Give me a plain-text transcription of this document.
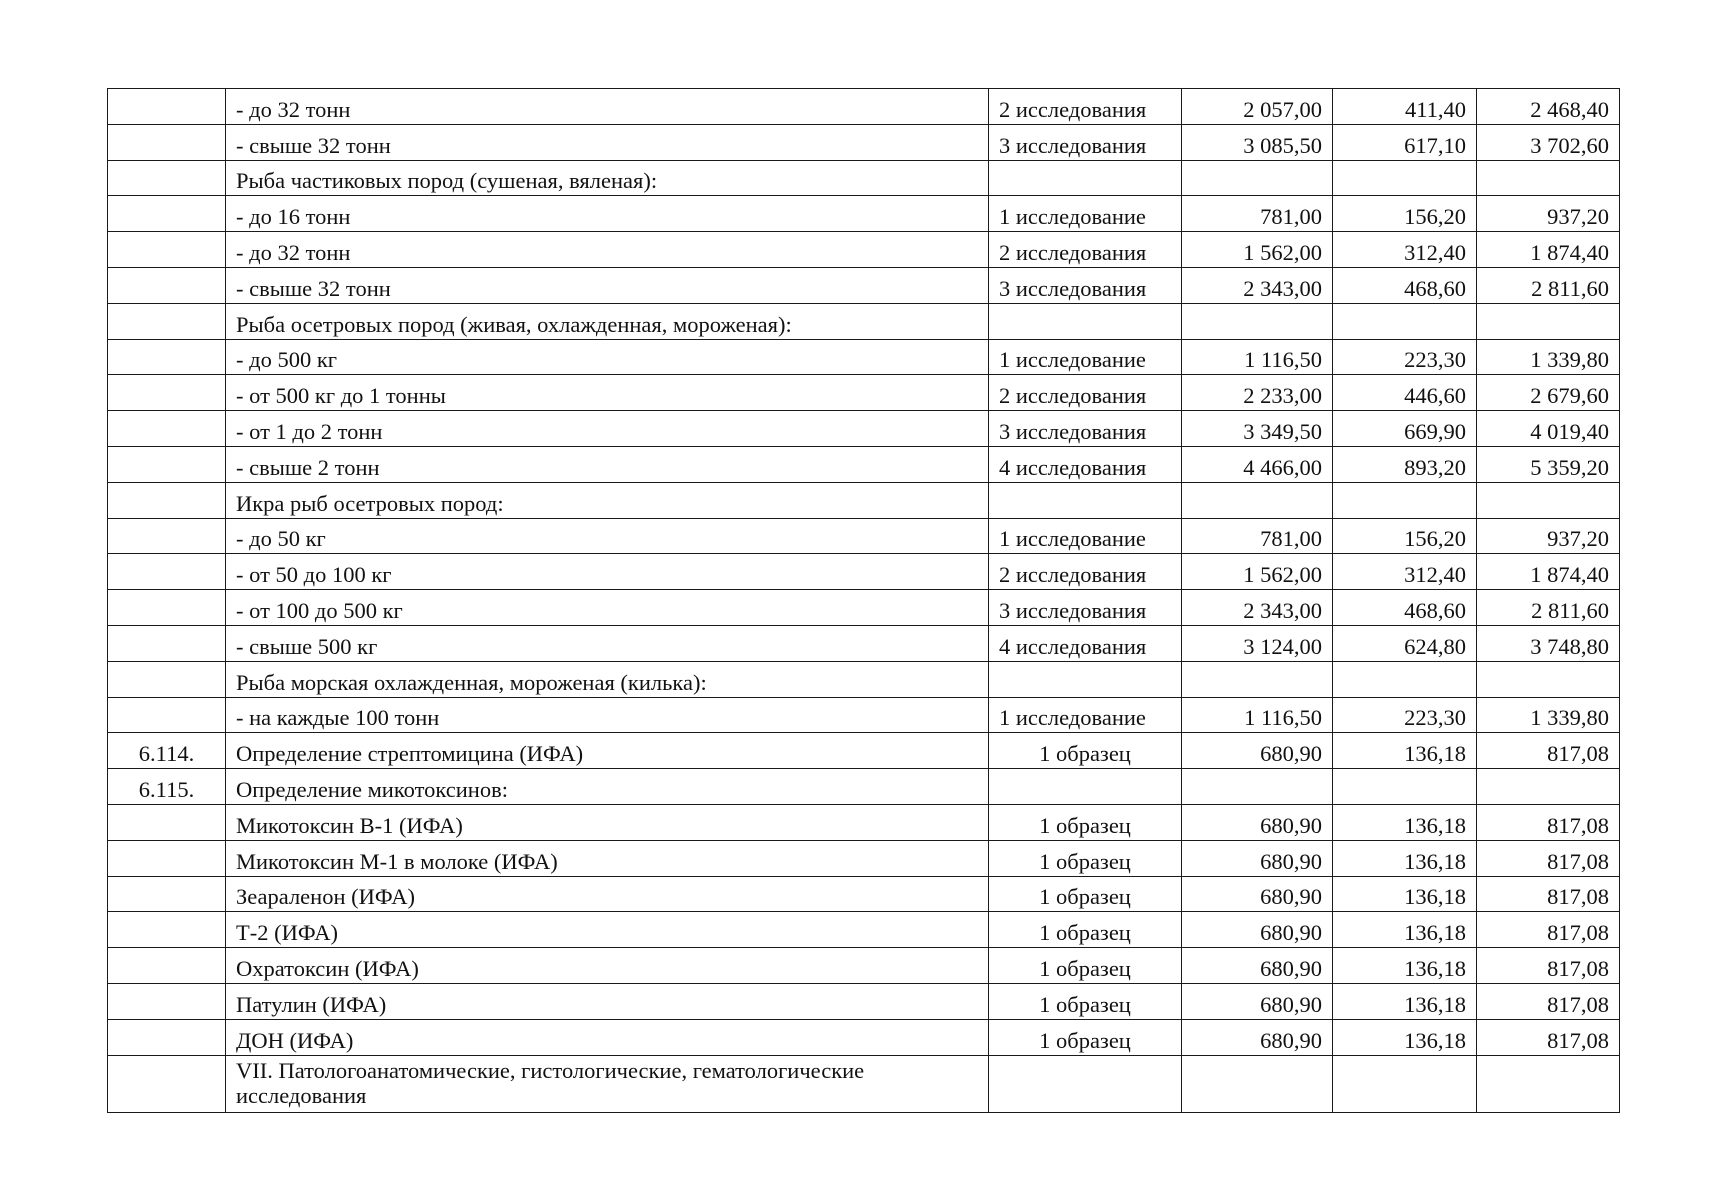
	- до 32 тонн	2 исследования	2 057,00	411,40	2 468,40
	- свыше 32 тонн	3 исследования	3 085,50	617,10	3 702,60
	Рыба частиковых пород (сушеная, вяленая):				
	- до 16 тонн	1 исследование	781,00	156,20	937,20
	- до 32 тонн	2 исследования	1 562,00	312,40	1 874,40
	- свыше 32 тонн	3 исследования	2 343,00	468,60	2 811,60
	Рыба осетровых пород (живая, охлажденная, мороженая):				
	- до 500 кг	1 исследование	1 116,50	223,30	1 339,80
	- от 500 кг до 1 тонны	2 исследования	2 233,00	446,60	2 679,60
	- от 1 до 2 тонн	3 исследования	3 349,50	669,90	4 019,40
	- свыше 2 тонн	4 исследования	4 466,00	893,20	5 359,20
	Икра рыб осетровых пород:				
	- до 50 кг	1 исследование	781,00	156,20	937,20
	- от 50 до 100 кг	2 исследования	1 562,00	312,40	1 874,40
	- от 100 до 500 кг	3 исследования	2 343,00	468,60	2 811,60
	- свыше 500 кг	4 исследования	3 124,00	624,80	3 748,80
	Рыба морская охлажденная, мороженая (килька):				
	- на каждые 100 тонн	1 исследование	1 116,50	223,30	1 339,80
6.114.	Определение стрептомицина (ИФА)	1 образец	680,90	136,18	817,08
6.115.	Определение микотоксинов:				
	Микотоксин В-1 (ИФА)	1 образец	680,90	136,18	817,08
	Микотоксин М-1 в молоке (ИФА)	1 образец	680,90	136,18	817,08
	Зеараленон (ИФА)	1 образец	680,90	136,18	817,08
	Т-2 (ИФА)	1 образец	680,90	136,18	817,08
	Охратоксин (ИФА)	1 образец	680,90	136,18	817,08
	Патулин (ИФА)	1 образец	680,90	136,18	817,08
	ДОН (ИФА)	1 образец	680,90	136,18	817,08
	VII. Патологоанатомические, гистологические, гематологические исследования				
